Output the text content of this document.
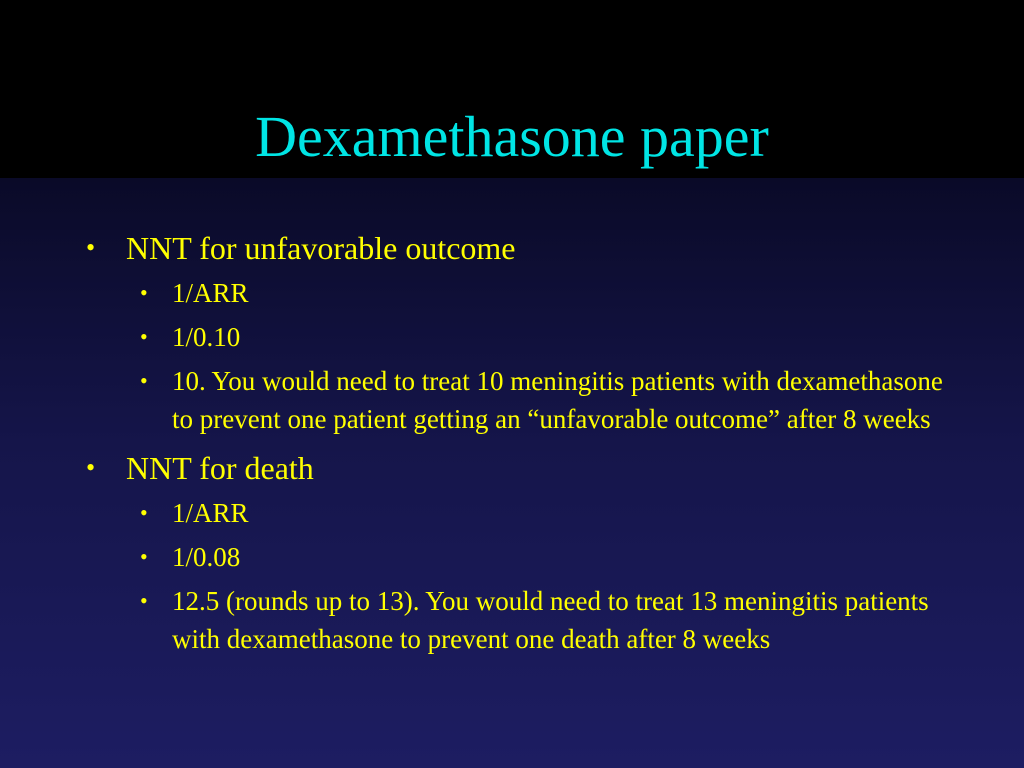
Dexamethasone paper
• NNT for unfavorable outcome
• 1/ARR
• 1/0.10
• 10. You would need to treat 10 meningitis patients with dexamethasone to prevent one patient getting an “unfavorable outcome” after 8 weeks
• NNT for death
• 1/ARR
• 1/0.08
• 12.5 (rounds up to 13). You would need to treat 13 meningitis patients with dexamethasone to prevent one death after 8 weeks
